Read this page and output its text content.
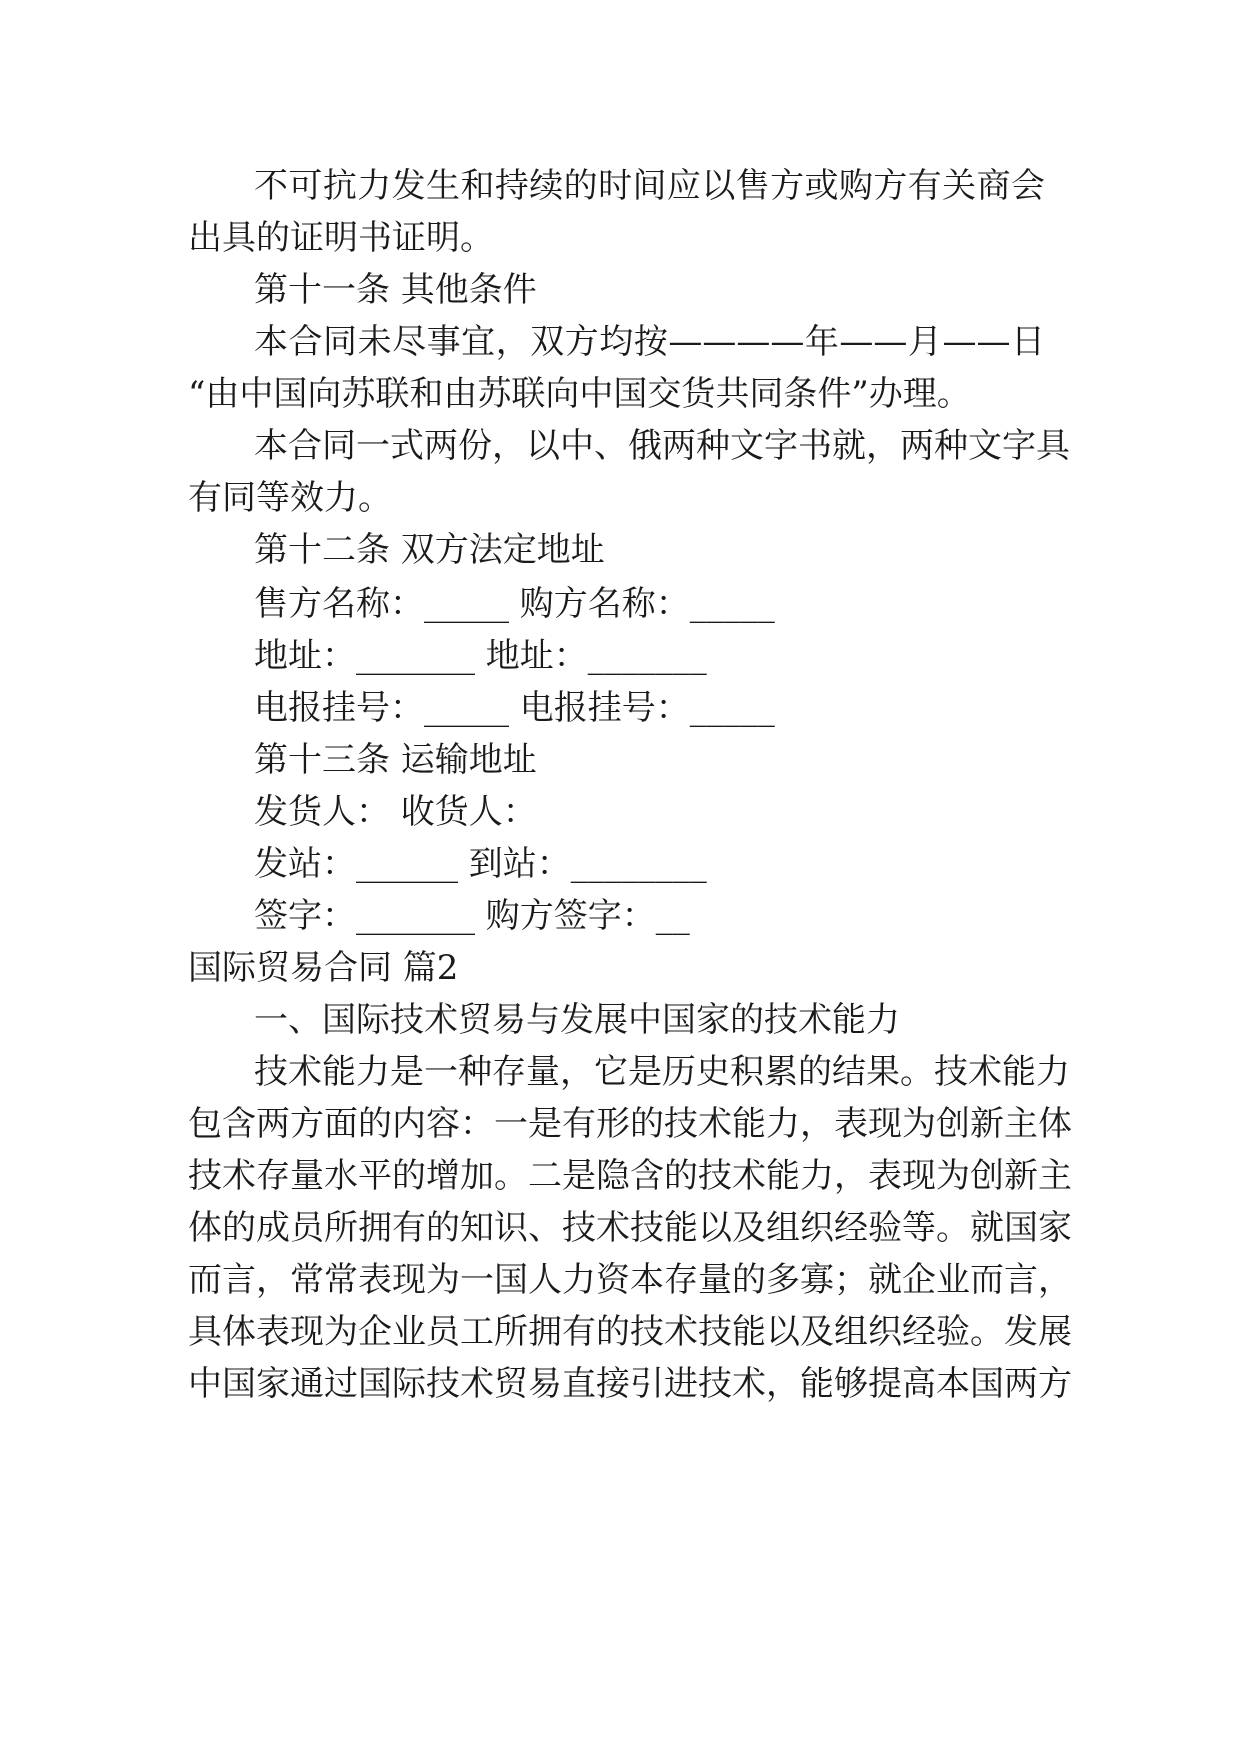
不可抗力发生和持续的时间应以售方或购方有关商会
出具的证明书证明。
第十一条 其他条件
本合同未尽事宜，双方均按————年——月——日
“由中国向苏联和由苏联向中国交货共同条件”办理。
本合同一式两份，以中、俄两种文字书就，两种文字具
有同等效力。
第十二条 双方法定地址
售方名称：_____ 购方名称：_____
地址：_______ 地址：_______
电报挂号：_____ 电报挂号：_____
第十三条 运输地址
发货人： 收货人：
发站：______ 到站：________
签字：_______ 购方签字：__
国际贸易合同 篇2
一、国际技术贸易与发展中国家的技术能力
技术能力是一种存量，它是历史积累的结果。技术能力
包含两方面的内容：一是有形的技术能力，表现为创新主体
技术存量水平的增加。二是隐含的技术能力，表现为创新主
体的成员所拥有的知识、技术技能以及组织经验等。就国家
而言，常常表现为一国人力资本存量的多寡；就企业而言，
具体表现为企业员工所拥有的技术技能以及组织经验。发展
中国家通过国际技术贸易直接引进技术，能够提高本国两方
